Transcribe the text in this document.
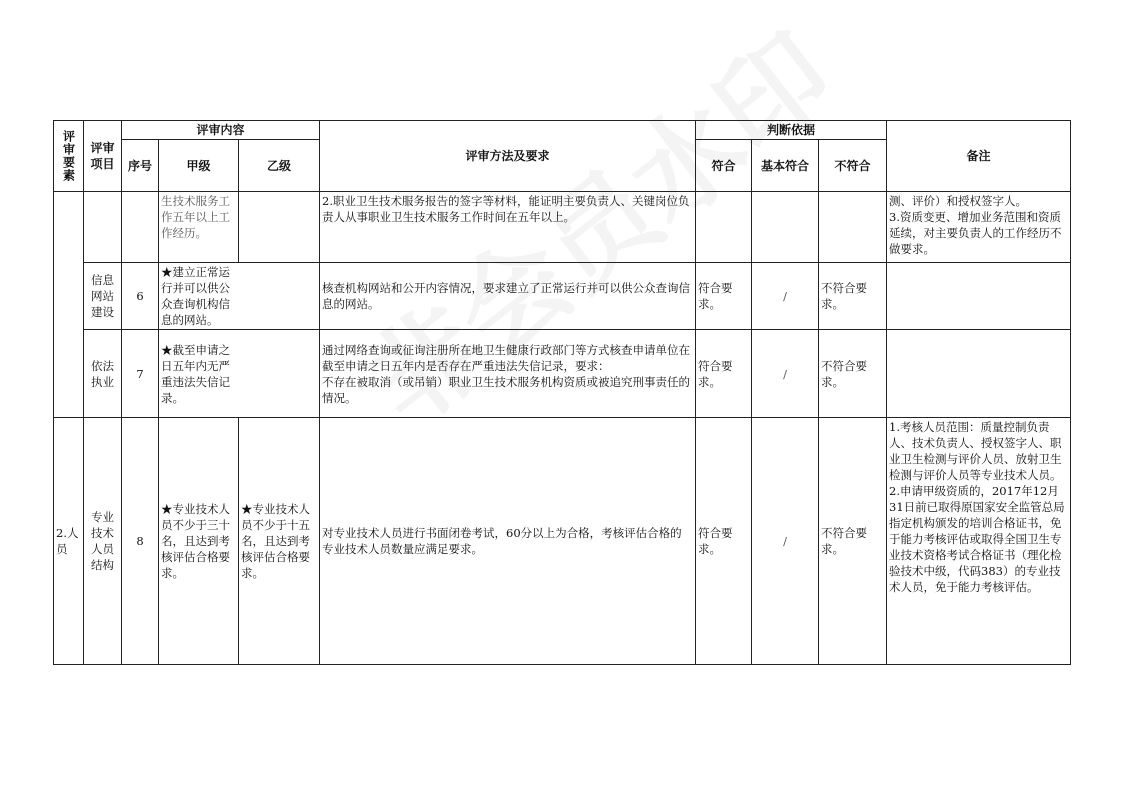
评审要素	评审项目	评审内容			评审方法及要求	判断依据			备注
		序号	甲级	乙级		符合	基本符合	不符合	
			生技术服务工作五年以上工作经历。		2.职业卫生技术服务报告的签字等材料，能证明主要负责人、关键岗位负责人从事职业卫生技术服务工作时间在五年以上。				测、评价）和授权签字人。
3.资质变更、增加业务范围和资质延续，对主要负责人的工作经历不做要求。
	信息网站建设	6	★建立正常运行并可以供公众查询机构信息的网站。		核查机构网站和公开内容情况，要求建立了正常运行并可以供公众查询信息的网站。	符合要求。	/	不符合要求。	
	依法执业	7	★截至申请之日五年内无严重违法失信记录。		通过网络查询或征询注册所在地卫生健康行政部门等方式核查申请单位在截至申请之日五年内是否存在严重违法失信记录，要求：
不存在被取消（或吊销）职业卫生技术服务机构资质或被追究刑事责任的情况。	符合要求。	/	不符合要求。	
2.人员	专业技术人员结构	8	★专业技术人员不少于三十名，且达到考核评估合格要求。	★专业技术人员不少于十五名，且达到考核评估合格要求。	对专业技术人员进行书面闭卷考试，60分以上为合格，考核评估合格的专业技术人员数量应满足要求。	符合要求。	/	不符合要求。	1.考核人员范围：质量控制负责人、技术负责人、授权签字人、职业卫生检测与评价人员、放射卫生检测与评价人员等专业技术人员。
2.申请甲级资质的，2017年12月31日前已取得原国家安全监管总局指定机构颁发的培训合格证书，免于能力考核评估或取得全国卫生专业技术资格考试合格证书（理化检验技术中级，代码383）的专业技术人员，免于能力考核评估。
